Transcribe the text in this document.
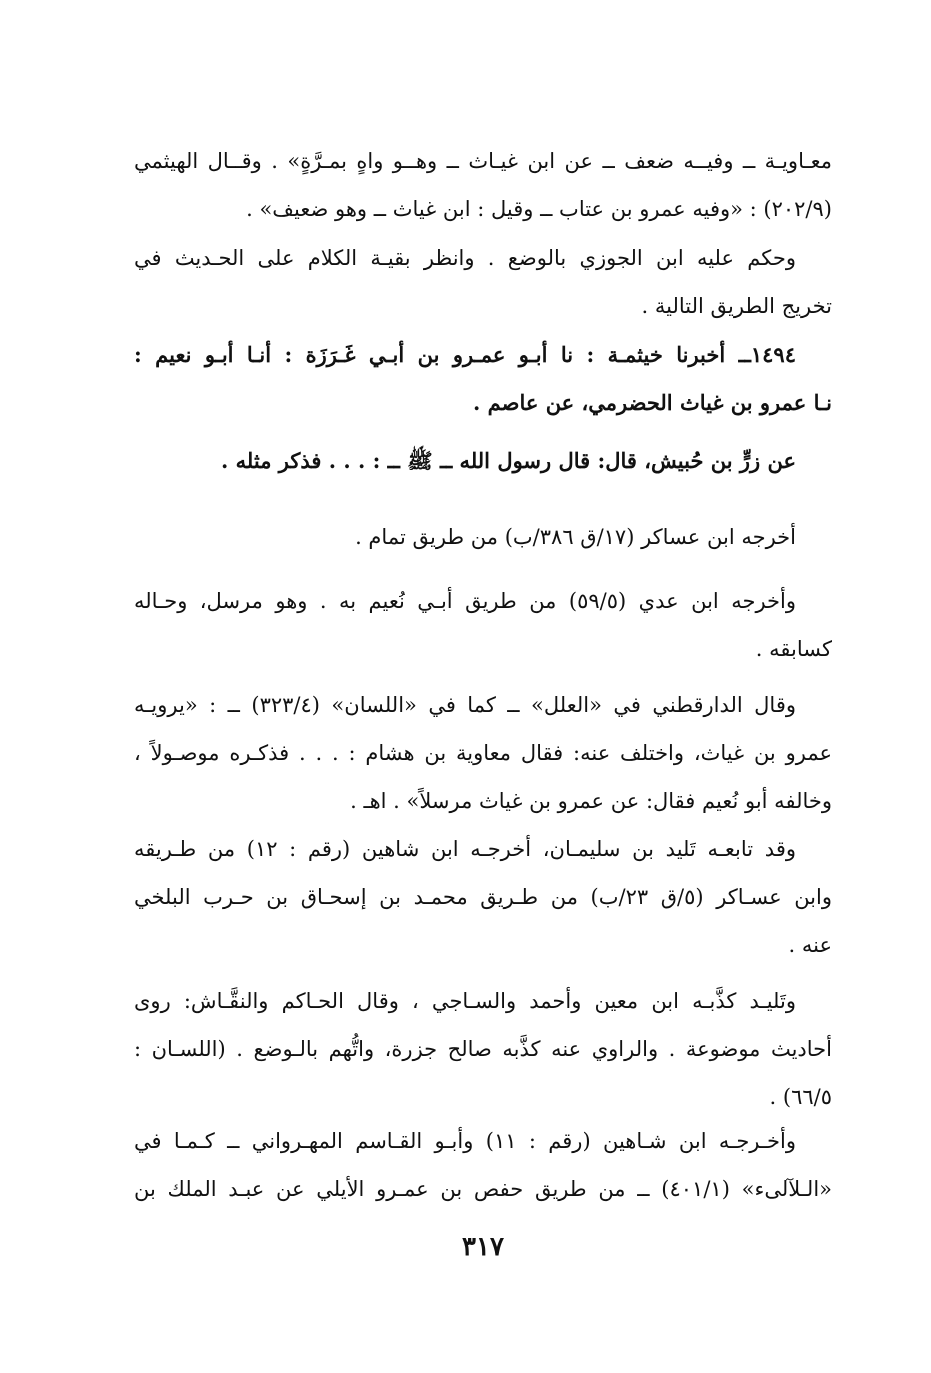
معـاويـة ــ وفيــه ضعف ــ عن ابن غيـاث ــ وهــو واهٍ بمـرَّةٍ» . وقــال الهيثمي
(٢٠٢/٩) : «وفيه عمرو بن عتاب ــ وقيل : ابن غياث ــ وهو ضعيف» .
وحكم عليه ابن الجوزي بالوضع . وانظر بقيـة الكلام على الحـديث في
تخريج الطريق التالية .
١٤٩٤ــ أخبرنا خيثمـة : نا أبـو عمـرو بن أبـي غَـرَزَة : أنـا أبـو نعيم :
نـا عمرو بن غياث الحضرمي، عن عاصم .
عن زرٍّ بن حُبيش، قال: قال رسول الله ــ ﷺ ــ : . . . فذكر مثله .
أخرجه ابن عساكر (١٧/ق ٣٨٦/ب) من طريق تمام .
وأخرجه ابن عدي (٥٩/٥) من طريق أبـي نُعيم به . وهو مرسل، وحـاله
كسابقه .
وقال الدارقطني في «العلل» ــ كما في «اللسان» (٣٢٣/٤) ــ : «يرويـه
عمرو بن غياث، واختلف عنه: فقال معاوية بن هشام : . . . فذكـره موصـولاً ،
وخالفه أبو نُعيم فقال: عن عمرو بن غياث مرسلاً» . اهـ .
وقد تابعـه تَليد بن سليمـان، أخرجـه ابن شاهين (رقم : ١٢) من طـريقه
وابن عسـاكر (٥/ق ٢٣/ب) من طـريق محمـد بن إسحـاق بن حـرب البلخي
عنه .
وتَليـد كذَّبـه ابن معين وأحمد والسـاجي ، وقال الحـاكم والنقَّـاش: روى
أحاديث موضوعة . والراوي عنه كذَّبه صالح جزرة، واتُّهم بالـوضع . (اللسـان :
٦٦/٥) .
وأخـرجـه ابن شـاهين (رقم : ١١) وأبـو القـاسم المهـرواني ــ كـمـا في
«الـلآلىء» (٤٠١/١) ــ من طريق حفص بن عمـرو الأيلي عن عبـد الملك بن
٣١٧
